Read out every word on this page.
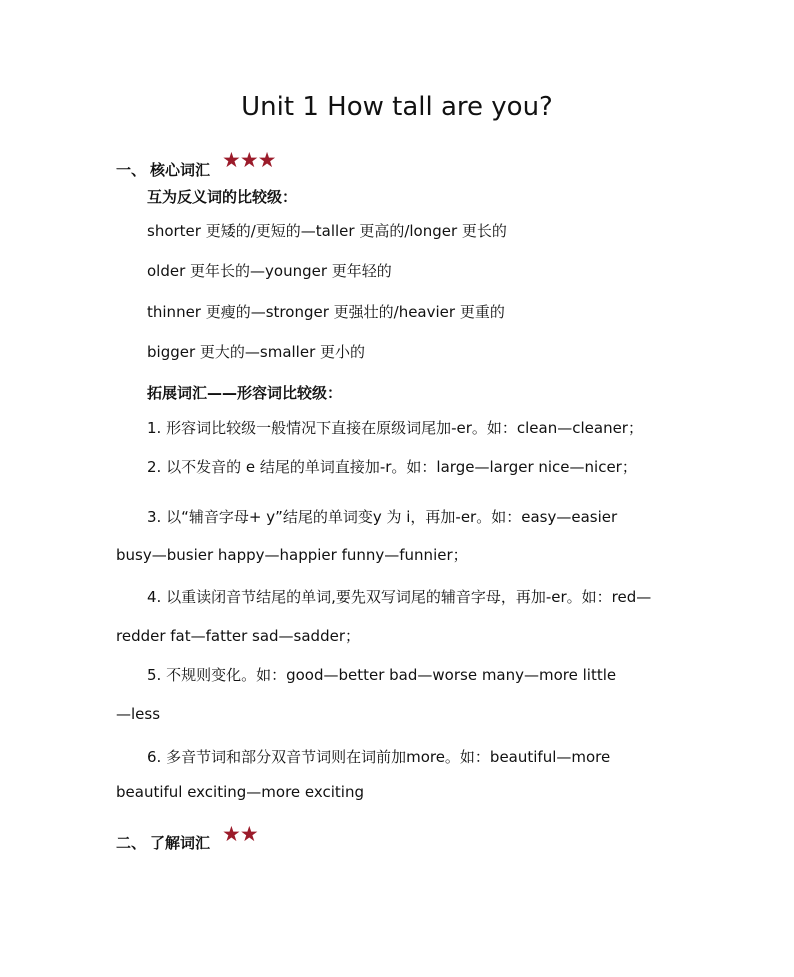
Unit 1 How tall are you?
一、 核心词汇 ★★★
互为反义词的比较级：
shorter 更矮的/更短的—taller 更高的/longer 更长的
older 更年长的—younger 更年轻的
thinner 更瘦的—stronger 更强壮的/heavier 更重的
bigger 更大的—smaller 更小的
拓展词汇——形容词比较级：
1. 形容词比较级一般情况下直接在原级词尾加-er。如：clean—cleaner；
2. 以不发音的 e 结尾的单词直接加-r。如：large—larger nice—nicer；
3. 以“辅音字母+ y”结尾的单词变y 为 i，再加-er。如：easy—easier
busy—busier happy—happier funny—funnier；
4. 以重读闭音节结尾的单词,要先双写词尾的辅音字母，再加-er。如：red—
redder fat—fatter sad—sadder；
5. 不规则变化。如：good—better bad—worse many—more little
—less
6. 多音节词和部分双音节词则在词前加more。如：beautiful—more
beautiful exciting—more exciting
二、 了解词汇 ★★
